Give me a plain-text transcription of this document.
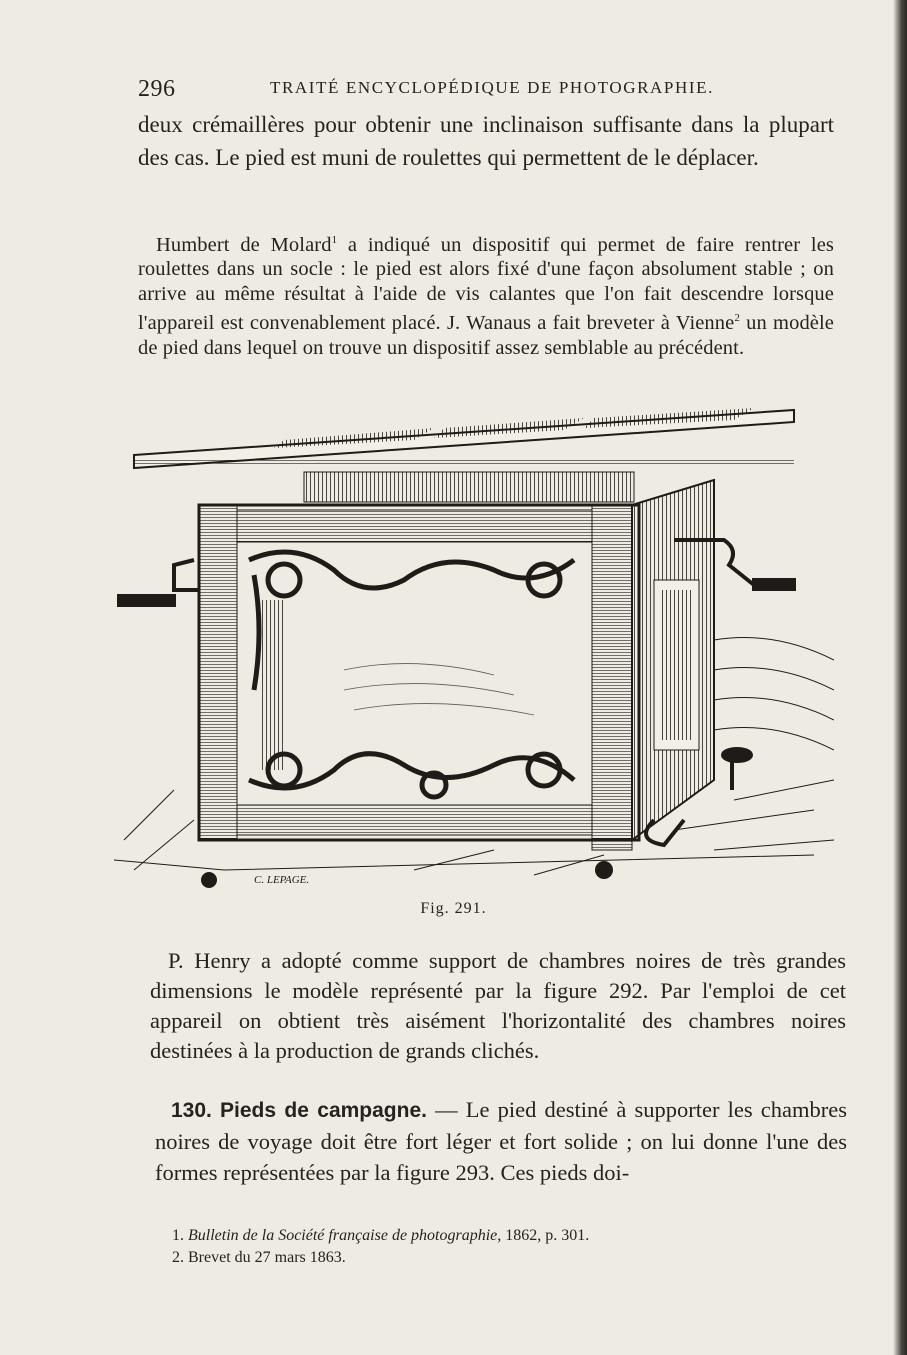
296	TRAITÉ ENCYCLOPÉDIQUE DE PHOTOGRAPHIE.
deux crémaillères pour obtenir une inclinaison suffisante dans la plupart des cas. Le pied est muni de roulettes qui permettent de le déplacer.
Humbert de Molard$^1$ a indiqué un dispositif qui permet de faire rentrer les roulettes dans un socle : le pied est alors fixé d'une façon absolument stable ; on arrive au même résultat à l'aide de vis calantes que l'on fait descendre lorsque l'appareil est convenablement placé. J. Wanaus a fait breveter à Vienne$^2$ un modèle de pied dans lequel on trouve un dispositif assez semblable au précédent.
C. LEPAGE.
Fig. 291.
P. Henry a adopté comme support de chambres noires de très grandes dimensions le modèle représenté par la figure 292. Par l'emploi de cet appareil on obtient très aisément l'horizontalité des chambres noires destinées à la production de grands clichés.
130. Pieds de campagne. — Le pied destiné à supporter les chambres noires de voyage doit être fort léger et fort solide ; on lui donne l'une des formes représentées par la figure 293. Ces pieds doi-
1. Bulletin de la Société française de photographie, 1862, p. 301.
2. Brevet du 27 mars 1863.
